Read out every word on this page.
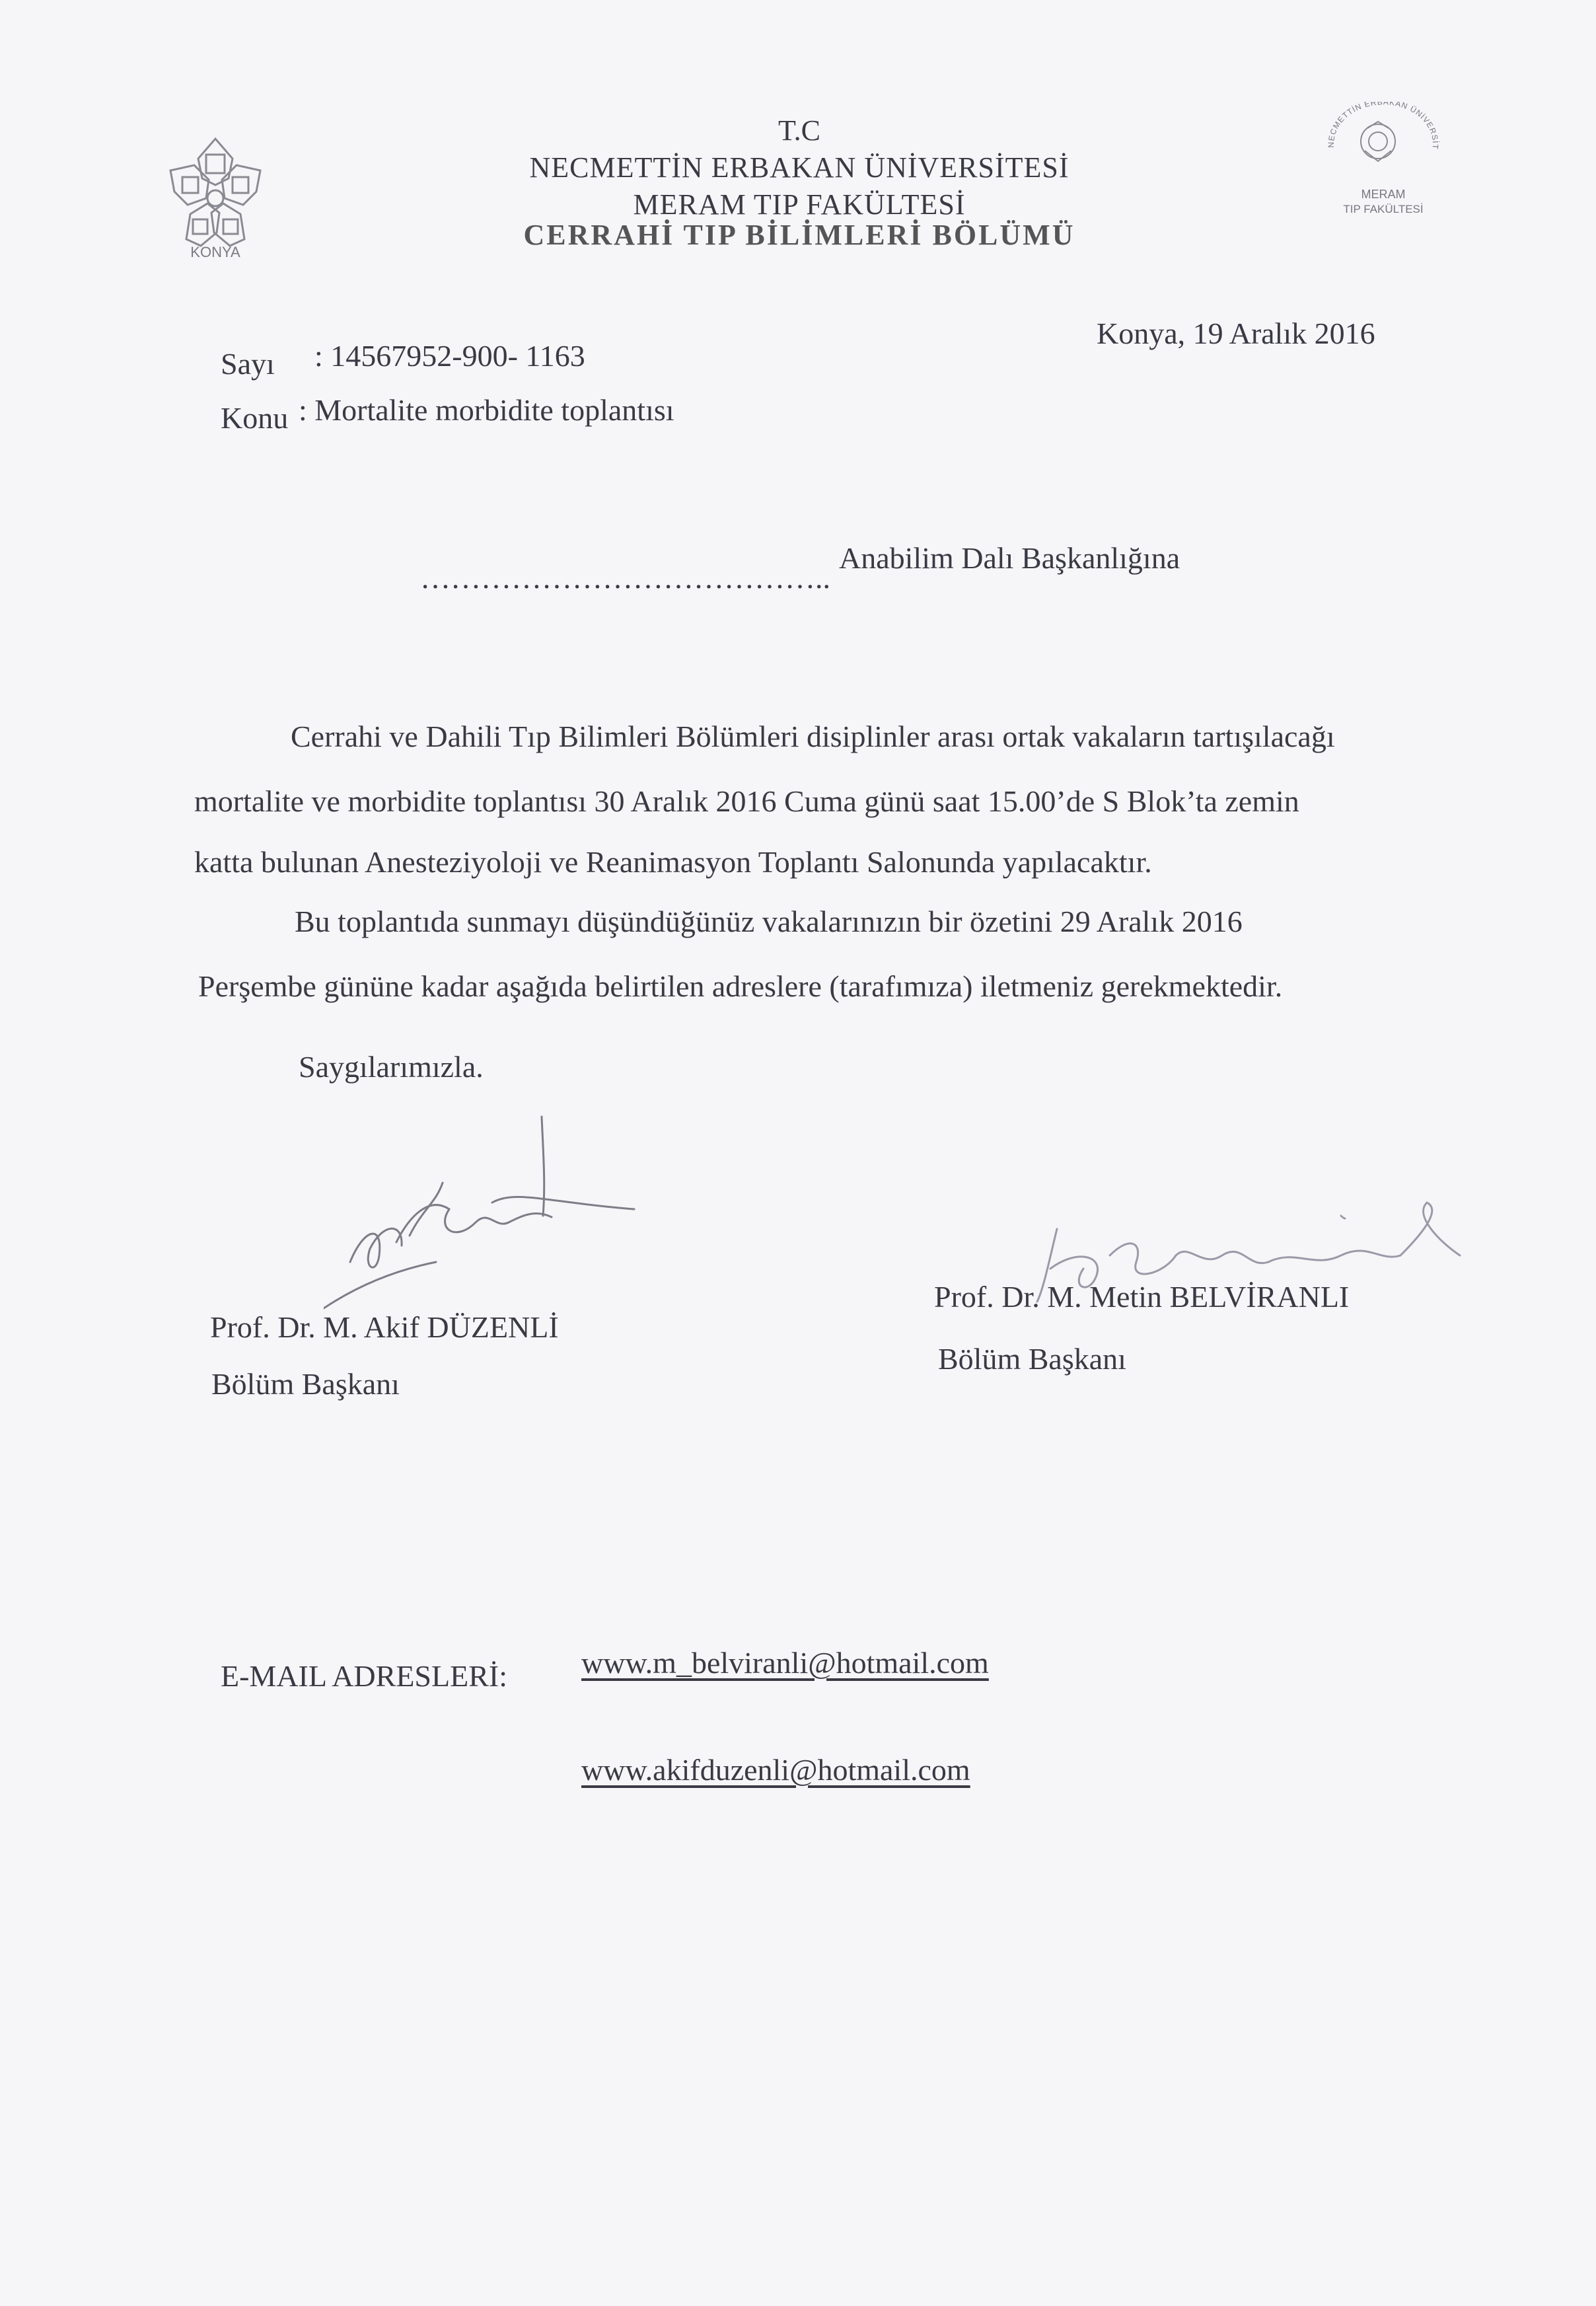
KONYA
NECMETTİN ERBAKAN ÜNİVERSİT
MERAM
TIP FAKÜLTESİ
T.C
NECMETTİN ERBAKAN ÜNİVERSİTESİ
MERAM TIP FAKÜLTESİ
CERRAHİ TIP BİLİMLERİ BÖLÜMÜ
Sayı : 14567952-900- 1163
Konu : Mortalite morbidite toplantısı
Konya, 19 Aralık 2016
…………………………………..
Anabilim Dalı Başkanlığına
Cerrahi ve Dahili Tıp Bilimleri Bölümleri disiplinler arası ortak vakaların tartışılacağı
mortalite ve morbidite toplantısı 30 Aralık 2016 Cuma günü saat 15.00’de S Blok’ta zemin
katta bulunan Anesteziyoloji ve Reanimasyon Toplantı Salonunda yapılacaktır.
Bu toplantıda sunmayı düşündüğünüz vakalarınızın bir özetini 29 Aralık 2016
Perşembe gününe kadar aşağıda belirtilen adreslere (tarafımıza) iletmeniz gerekmektedir.
Saygılarımızla.
Prof. Dr. M. Akif DÜZENLİ
Bölüm Başkanı
Prof. Dr. M. Metin BELVİRANLI
Bölüm Başkanı
E-MAIL ADRESLERİ: www.m_belviranli@hotmail.com
www.akifduzenli@hotmail.com
